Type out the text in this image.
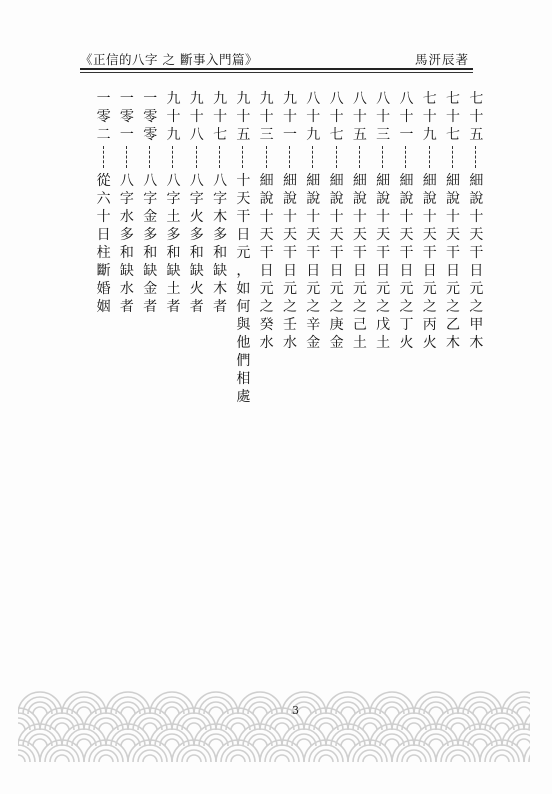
《正信的八字 之 斷事入門篇》	馬汧辰著
七
十
五
細
說
十
天
干
日
元
之
甲
木
七
十
七
細
說
十
天
干
日
元
之
乙
木
七
十
九
細
說
十
天
干
日
元
之
丙
火
八
十
一
細
說
十
天
干
日
元
之
丁
火
八
十
三
細
說
十
天
干
日
元
之
戊
土
八
十
五
細
說
十
天
干
日
元
之
己
土
八
十
七
細
說
十
天
干
日
元
之
庚
金
八
十
九
細
說
十
天
干
日
元
之
辛
金
九
十
一
細
說
十
天
干
日
元
之
壬
水
九
十
三
細
說
十
天
干
日
元
之
癸
水
九
十
五
十
天
干
日
元
，
如
何
與
他
們
相
處
九
十
七
八
字
木
多
和
缺
木
者
九
十
八
八
字
火
多
和
缺
火
者
九
十
九
八
字
土
多
和
缺
土
者
一
零
零
八
字
金
多
和
缺
金
者
一
零
一
八
字
水
多
和
缺
水
者
一
零
二
從
六
十
日
柱
斷
婚
姻
3
